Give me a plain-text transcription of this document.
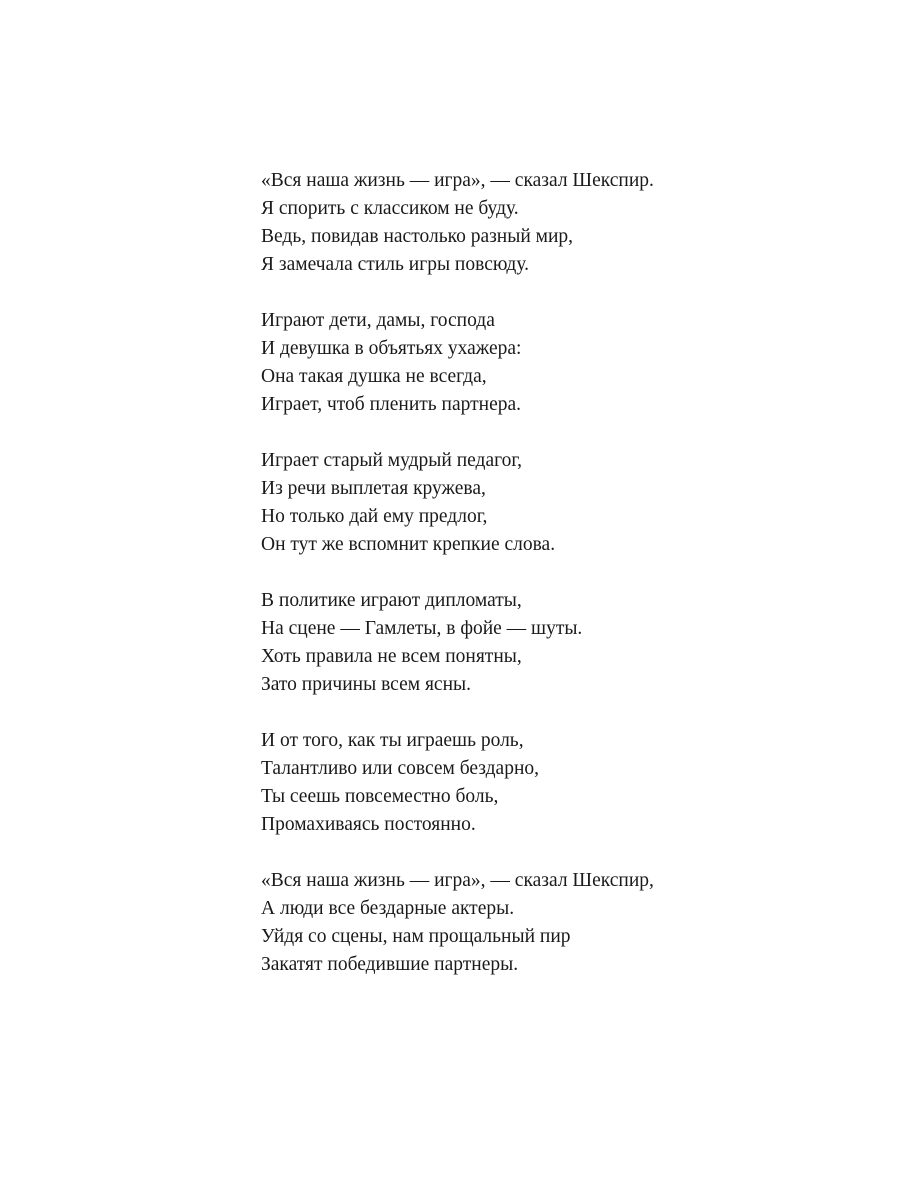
«Вся наша жизнь — игра», — сказал Шекспир.
Я спорить с классиком не буду.
Ведь, повидав настолько разный мир,
Я замечала стиль игры повсюду.
Играют дети, дамы, господа
И девушка в объятьях ухажера:
Она такая душка не всегда,
Играет, чтоб пленить партнера.
Играет старый мудрый педагог,
Из речи выплетая кружева,
Но только дай ему предлог,
Он тут же вспомнит крепкие слова.
В политике играют дипломаты,
На сцене — Гамлеты, в фойе — шуты.
Хоть правила не всем понятны,
Зато причины всем ясны.
И от того, как ты играешь роль,
Талантливо или совсем бездарно,
Ты сеешь повсеместно боль,
Промахиваясь постоянно.
«Вся наша жизнь — игра», — сказал Шекспир,
А люди все бездарные актеры.
Уйдя со сцены, нам прощальный пир
Закатят победившие партнеры.
